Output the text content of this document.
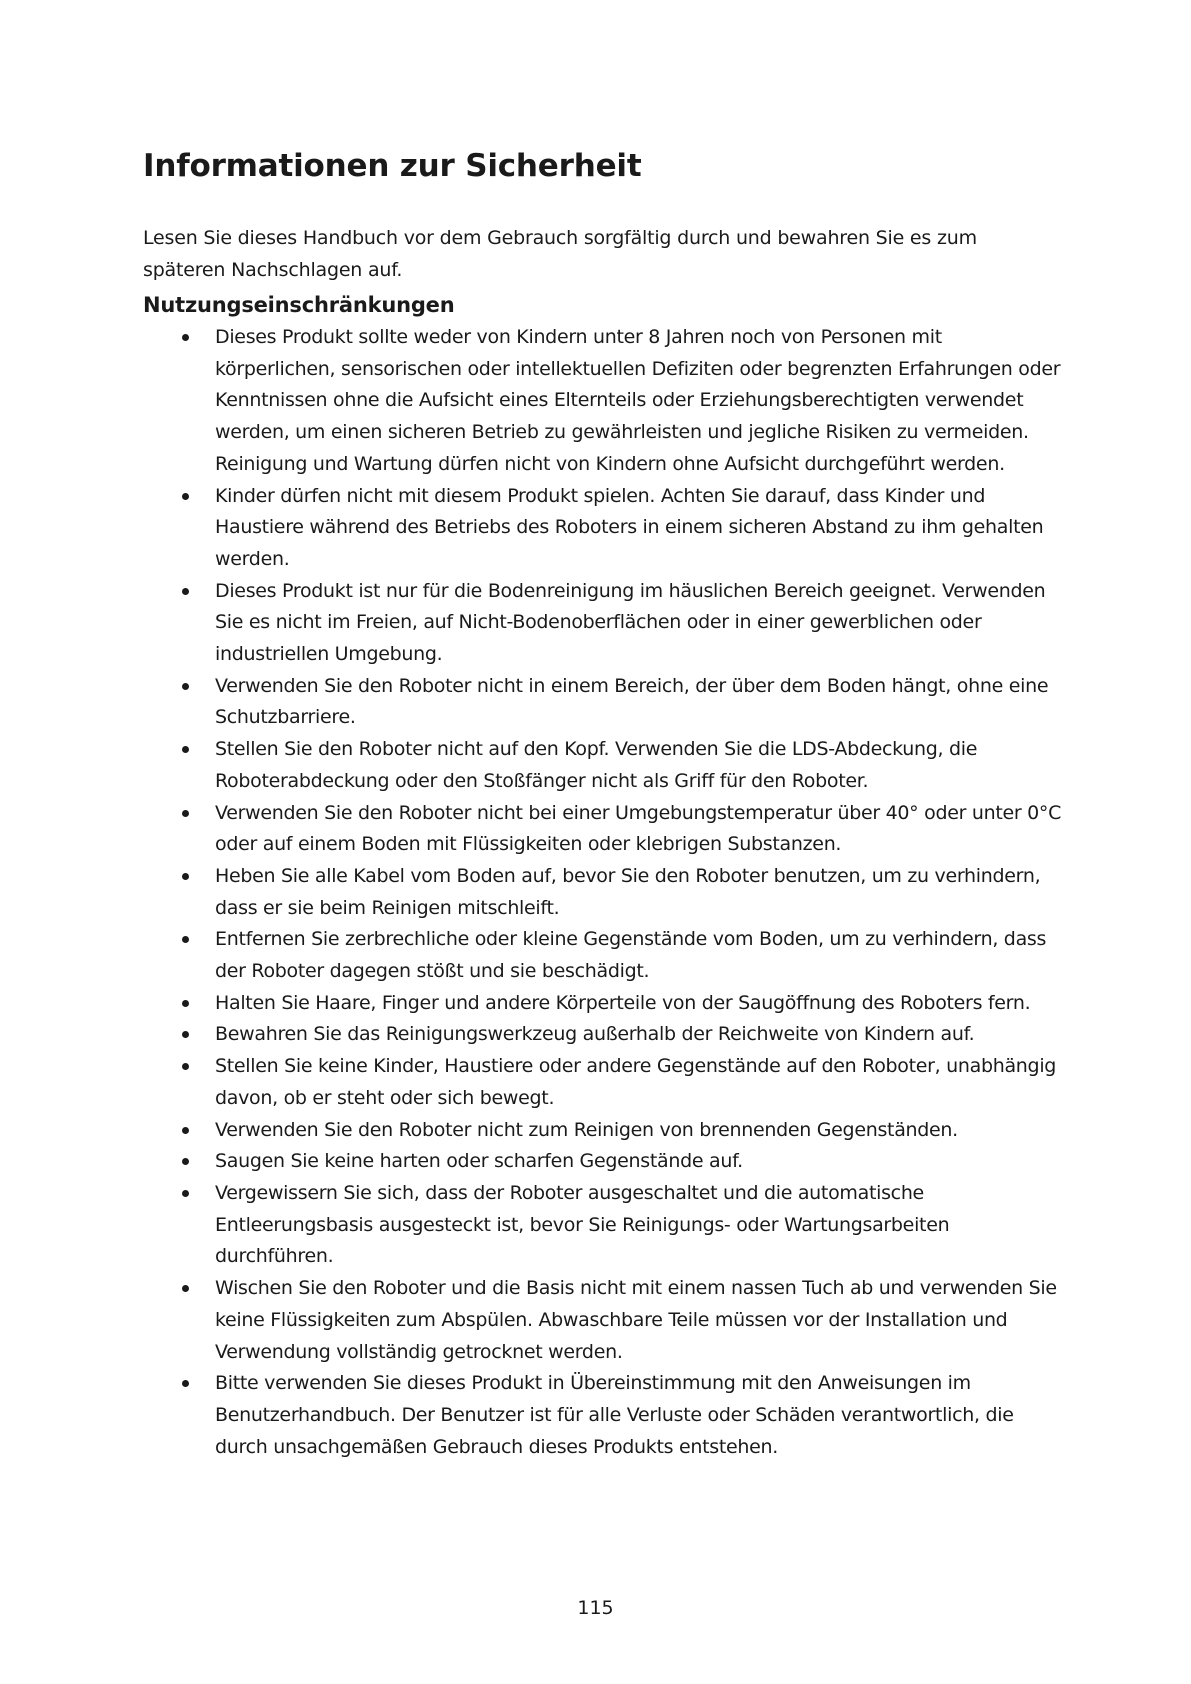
Informationen zur Sicherheit

Lesen Sie dieses Handbuch vor dem Gebrauch sorgfältig durch und bewahren Sie es zum späteren Nachschlagen auf.

Nutzungseinschränkungen
Dieses Produkt sollte weder von Kindern unter 8 Jahren noch von Personen mit körperlichen, sensorischen oder intellektuellen Defiziten oder begrenzten Erfahrungen oder Kenntnissen ohne die Aufsicht eines Elternteils oder Erziehungsberechtigten verwendet werden, um einen sicheren Betrieb zu gewährleisten und jegliche Risiken zu vermeiden. Reinigung und Wartung dürfen nicht von Kindern ohne Aufsicht durchgeführt werden.
Kinder dürfen nicht mit diesem Produkt spielen. Achten Sie darauf, dass Kinder und Haustiere während des Betriebs des Roboters in einem sicheren Abstand zu ihm gehalten werden.
Dieses Produkt ist nur für die Bodenreinigung im häuslichen Bereich geeignet. Verwenden Sie es nicht im Freien, auf Nicht-Bodenoberflächen oder in einer gewerblichen oder industriellen Umgebung.
Verwenden Sie den Roboter nicht in einem Bereich, der über dem Boden hängt, ohne eine Schutzbarriere.
Stellen Sie den Roboter nicht auf den Kopf. Verwenden Sie die LDS-Abdeckung, die Roboterabdeckung oder den Stoßfänger nicht als Griff für den Roboter.
Verwenden Sie den Roboter nicht bei einer Umgebungstemperatur über 40° oder unter 0°C oder auf einem Boden mit Flüssigkeiten oder klebrigen Substanzen.
Heben Sie alle Kabel vom Boden auf, bevor Sie den Roboter benutzen, um zu verhindern, dass er sie beim Reinigen mitschleift.
Entfernen Sie zerbrechliche oder kleine Gegenstände vom Boden, um zu verhindern, dass der Roboter dagegen stößt und sie beschädigt.
Halten Sie Haare, Finger und andere Körperteile von der Saugöffnung des Roboters fern.
Bewahren Sie das Reinigungswerkzeug außerhalb der Reichweite von Kindern auf.
Stellen Sie keine Kinder, Haustiere oder andere Gegenstände auf den Roboter, unabhängig davon, ob er steht oder sich bewegt.
Verwenden Sie den Roboter nicht zum Reinigen von brennenden Gegenständen.
Saugen Sie keine harten oder scharfen Gegenstände auf.
Vergewissern Sie sich, dass der Roboter ausgeschaltet und die automatische Entleerungsbasis ausgesteckt ist, bevor Sie Reinigungs- oder Wartungsarbeiten durchführen.
Wischen Sie den Roboter und die Basis nicht mit einem nassen Tuch ab und verwenden Sie keine Flüssigkeiten zum Abspülen. Abwaschbare Teile müssen vor der Installation und Verwendung vollständig getrocknet werden.
Bitte verwenden Sie dieses Produkt in Übereinstimmung mit den Anweisungen im Benutzerhandbuch. Der Benutzer ist für alle Verluste oder Schäden verantwortlich, die durch unsachgemäßen Gebrauch dieses Produkts entstehen.

115
